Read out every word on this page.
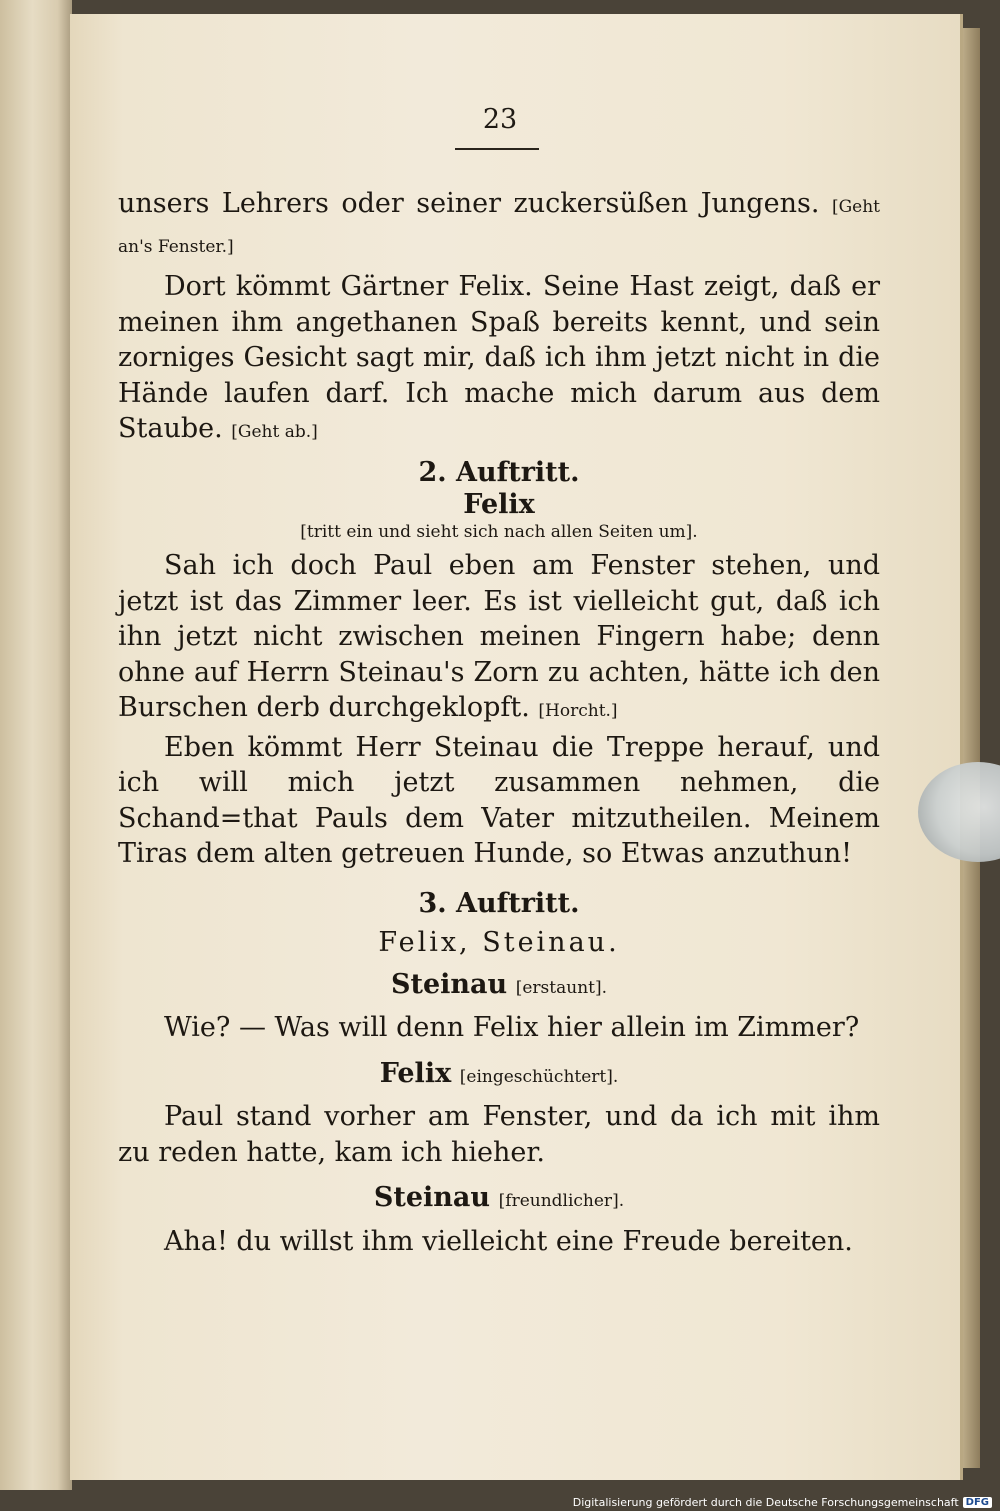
23

unsers Lehrers oder seiner zuckersüßen Jungens. [Geht an's Fenster.]

Dort kömmt Gärtner Felix. Seine Hast zeigt, daß er meinen ihm angethanen Spaß bereits kennt, und sein zorniges Gesicht sagt mir, daß ich ihm jetzt nicht in die Hände laufen darf. Ich mache mich darum aus dem Staube. [Geht ab.]

2. Auftritt.

Felix

[tritt ein und sieht sich nach allen Seiten um].

Sah ich doch Paul eben am Fenster stehen, und jetzt ist das Zimmer leer. Es ist vielleicht gut, daß ich ihn jetzt nicht zwischen meinen Fingern habe; denn ohne auf Herrn Steinau's Zorn zu achten, hätte ich den Burschen derb durchgeklopft. [Horcht.]

Eben kömmt Herr Steinau die Treppe herauf, und ich will mich jetzt zusammen nehmen, die Schand=that Pauls dem Vater mitzutheilen. Meinem Tiras dem alten getreuen Hunde, so Etwas anzuthun!

3. Auftritt.

Felix, Steinau.

Steinau [erstaunt].

Wie? — Was will denn Felix hier allein im Zimmer?

Felix [eingeschüchtert].

Paul stand vorher am Fenster, und da ich mit ihm zu reden hatte, kam ich hieher.

Steinau [freundlicher].

Aha! du willst ihm vielleicht eine Freude bereiten.

Digitalisierung gefördert durch die Deutsche Forschungsgemeinschaft DFG
